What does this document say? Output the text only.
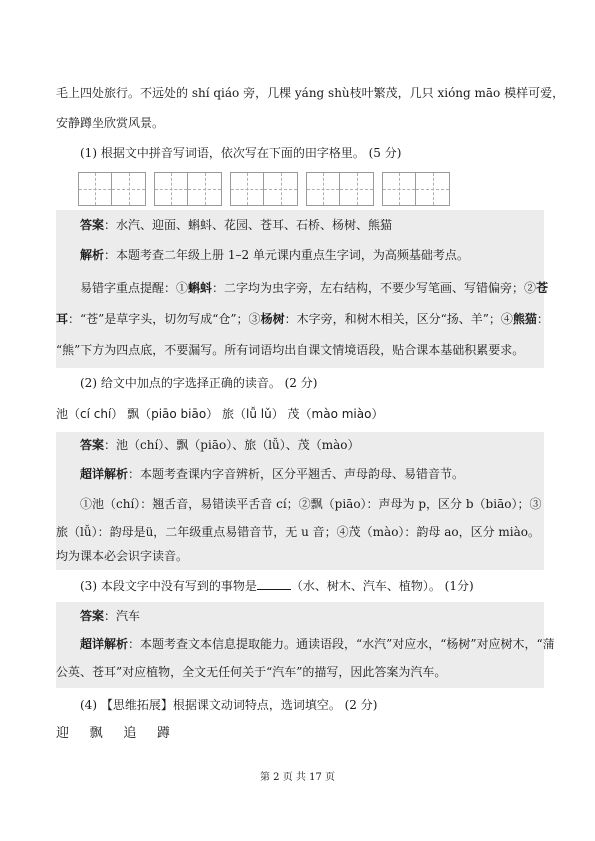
毛上四处旅行。不远处的 shí qiáo 旁，几棵 yáng shù枝叶繁茂，几只 xióng māo 模样可爱，
安静蹲坐欣赏风景。
(1) 根据文中拼音写词语，依次写在下面的田字格里。 (5 分)
答案：水汽、迎面、蝌蚪、花园、苍耳、石桥、杨树、熊猫
解析：本题考查二年级上册 1–2 单元课内重点生字词，为高频基础考点。
易错字重点提醒：①蝌蚪：二字均为虫字旁，左右结构，不要少写笔画、写错偏旁；②苍
耳：“苍”是草字头，切勿写成“仓”；③杨树：木字旁，和树木相关，区分“扬、羊”；④熊猫：
“熊”下方为四点底，不要漏写。所有词语均出自课文情境语段，贴合课本基础积累要求。
(2) 给文中加点的字选择正确的读音。 (2 分)
池（cí chí） 飘（piāo biāo） 旅（lǚ lǔ） 茂（mào miào）
答案：池（chí）、飘（piāo）、旅（lǚ）、茂（mào）
超详解析：本题考查课内字音辨析，区分平翘舌、声母韵母、易错音节。
①池（chí）：翘舌音，易错读平舌音 cí；②飘（piāo）：声母为 p，区分 b（biāo）；③
旅（lǚ）：韵母是ü，二年级重点易错音节，无 u 音；④茂（mào）：韵母 ao，区分 miào。
均为课本必会识字读音。
(3) 本段文字中没有写到的事物是	（水、树木、汽车、植物）。 (1分)
答案：汽车
超详解析：本题考查文本信息提取能力。通读语段，“水汽”对应水，“杨树”对应树木，“蒲
公英、苍耳”对应植物，全文无任何关于“汽车”的描写，因此答案为汽车。
(4) 【思维拓展】根据课文动词特点，选词填空。 (2 分)
迎     飘     追     蹲
第 2 页 共 17 页
